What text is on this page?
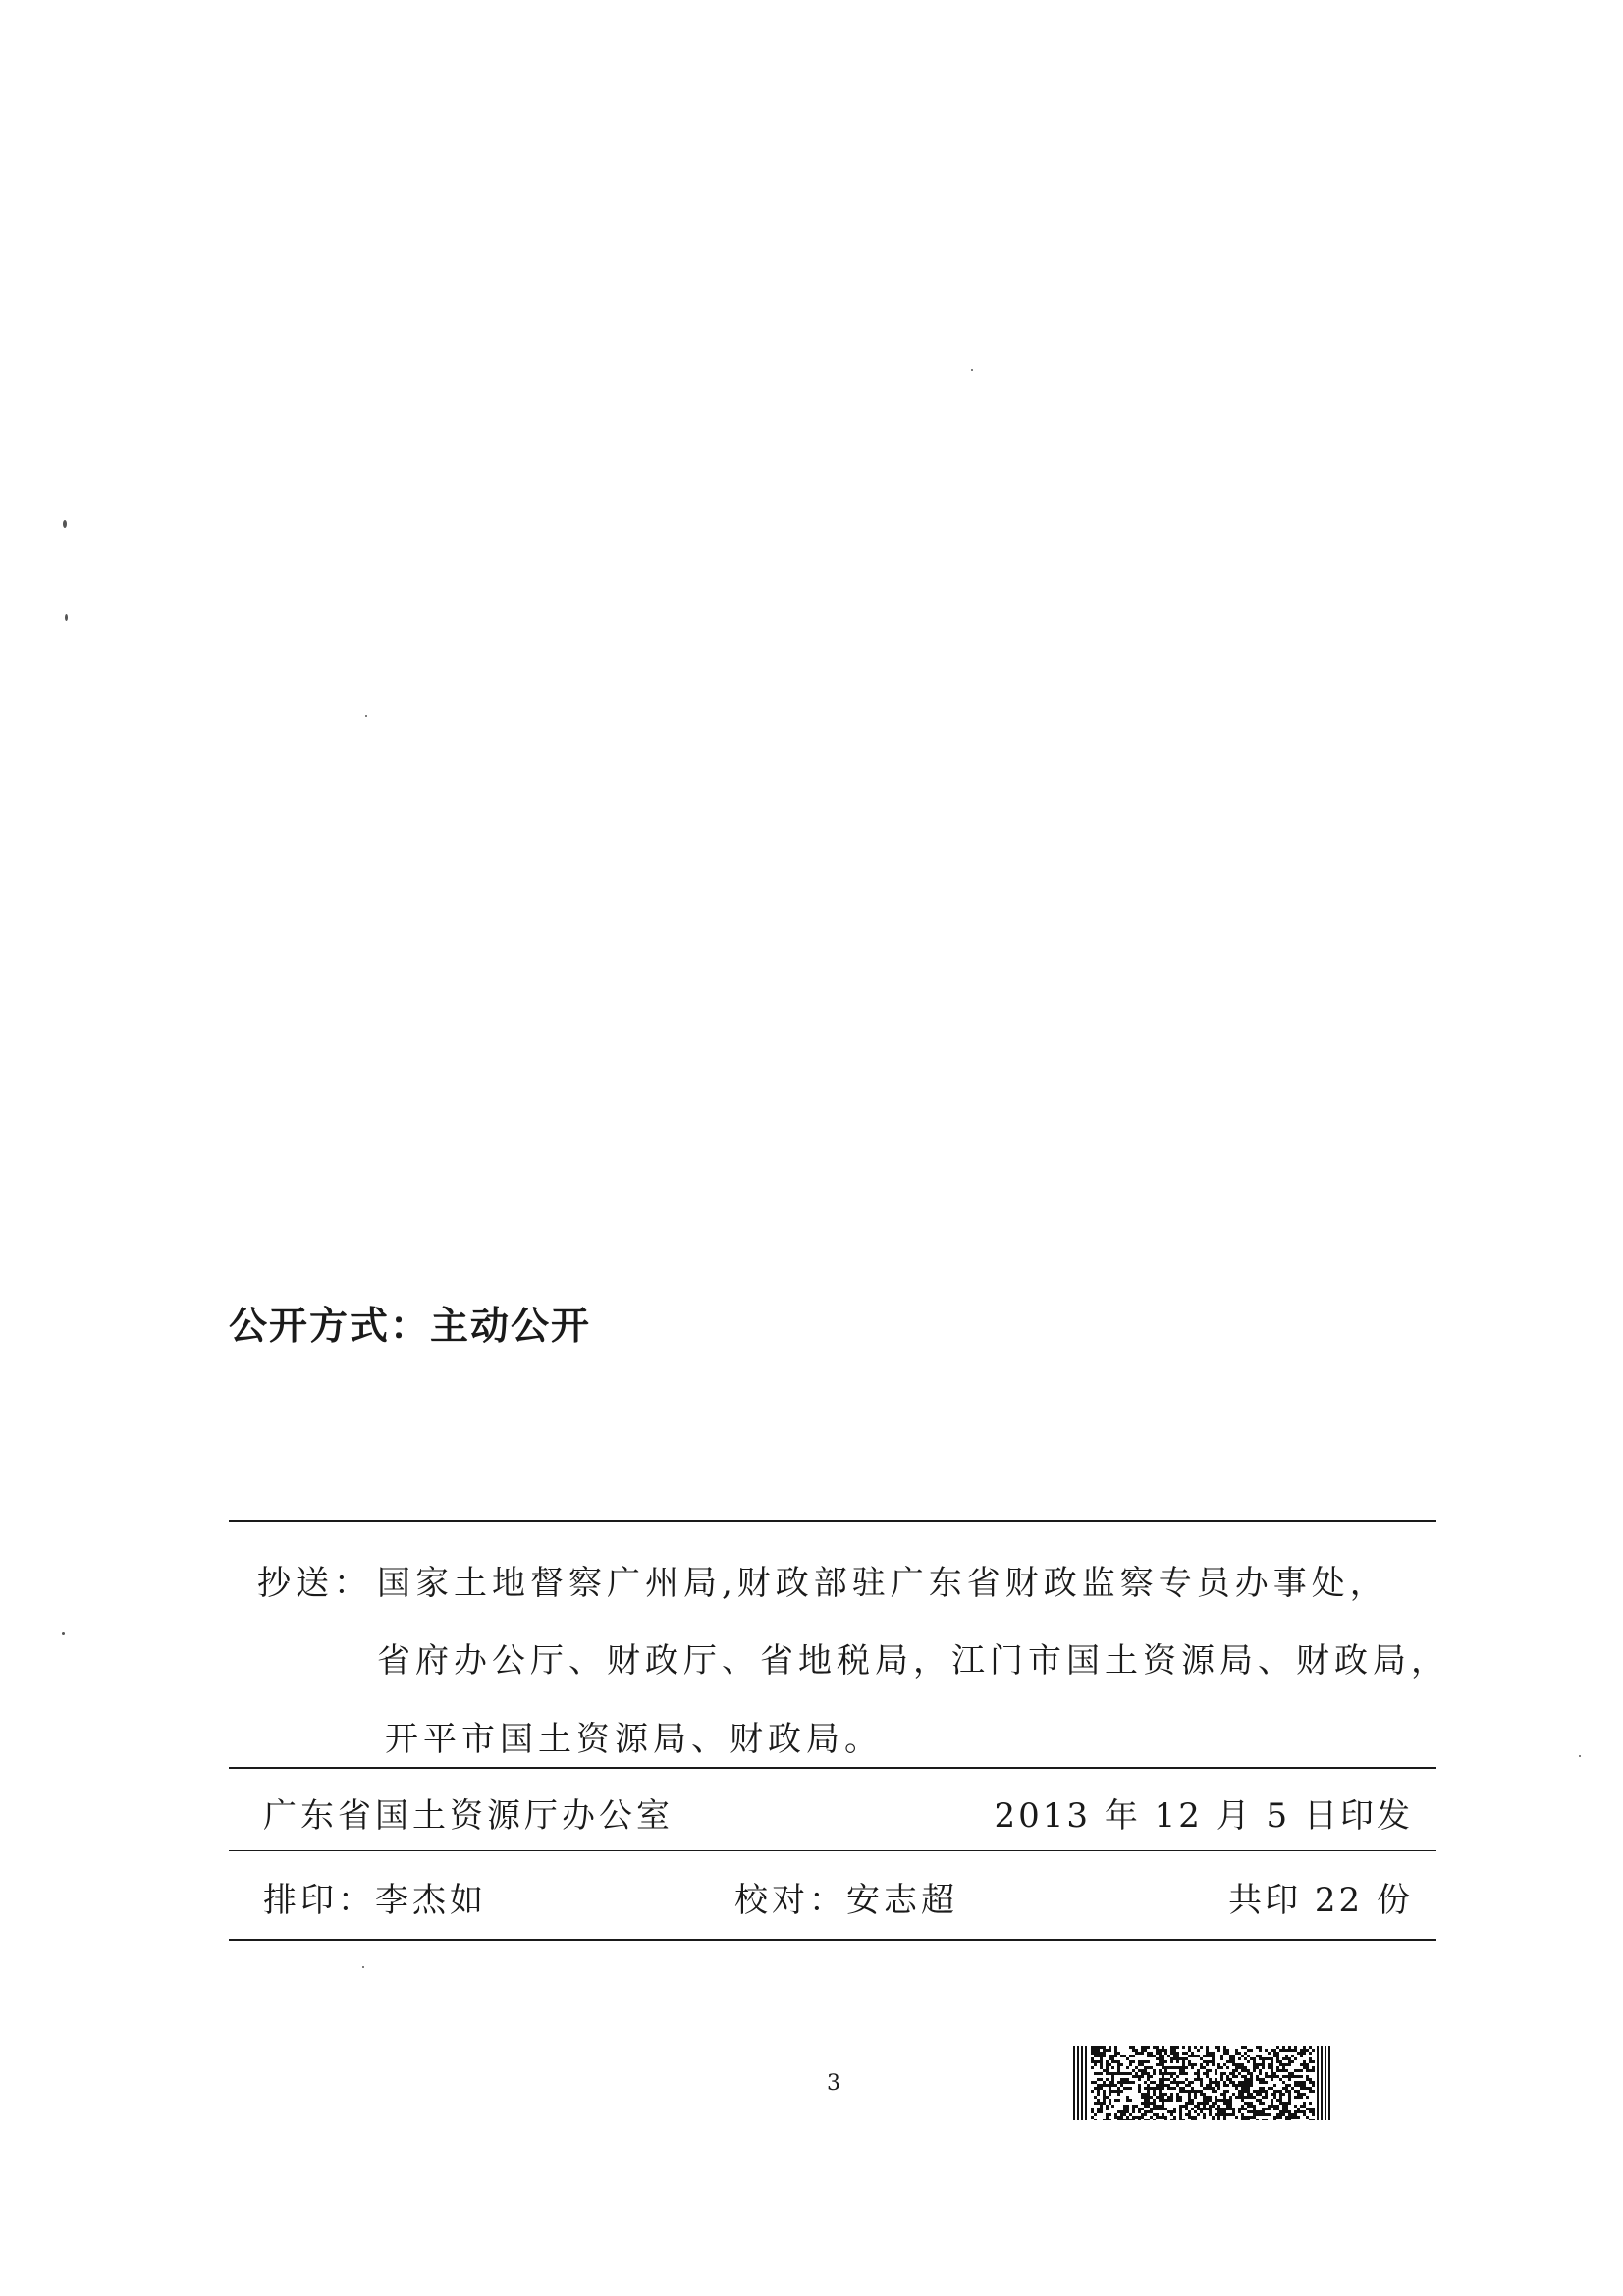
公开方式：主动公开
抄送： 国家土地督察广州局,财政部驻广东省财政监察专员办事处，
省府办公厅、财政厅、省地税局，江门市国土资源局、财政局，
开平市国土资源局、财政局。
广东省国土资源厅办公室	2013 年 12 月 5 日印发
排印：李杰如	校对：安志超	共印 22 份
3
